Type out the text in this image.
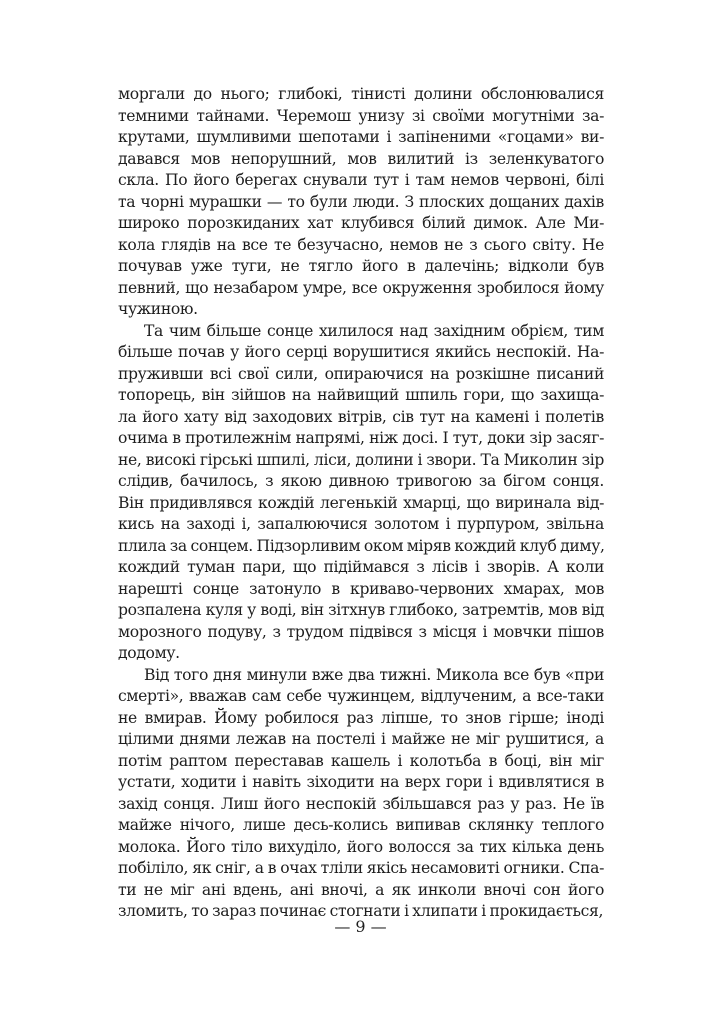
моргали до нього; глибокі, тінисті долини обслонювалися
темними тайнами. Черемош унизу зі своїми могутніми за-
крутами, шумливими шепотами і запіненими «гоцами» ви-
давався мов непорушний, мов вилитий із зеленкуватого
скла. По його берегах снували тут і там немов червоні, білі
та чорні мурашки — то були люди. З плоских дощаних дахів
широко порозкиданих хат клубився білий димок. Але Ми-
кола глядів на все те безучасно, немов не з сього світу. Не
почував уже туги, не тягло його в далечінь; відколи був
певний, що незабаром умре, все окруження зробилося йому
чужиною.
Та чим більше сонце хилилося над західним обрієм, тим
більше почав у його серці ворушитися якийсь неспокій. На-
пруживши всі свої сили, опираючися на розкішне писаний
топорець, він зійшов на найвищий шпиль гори, що захища-
ла його хату від заходових вітрів, сів тут на камені і полетів
очима в протилежнім напрямі, ніж досі. І тут, доки зір засяг-
не, високі гірські шпилі, ліси, долини і звори. Та Миколин зір
слідив, бачилось, з якою дивною тривогою за бігом сонця.
Він придивлявся кождій легенькій хмарці, що виринала від-
кись на заході і, запалюючися золотом і пурпуром, звільна
плила за сонцем. Підзорливим оком міряв кождий клуб диму,
кождий туман пари, що підіймався з лісів і зворів. А коли
нарешті сонце затонуло в криваво-червоних хмарах, мов
розпалена куля у воді, він зітхнув глибоко, затремтів, мов від
морозного подуву, з трудом підвівся з місця і мовчки пішов
додому.
Від того дня минули вже два тижні. Микола все був «при
смерті», вважав сам себе чужинцем, відлученим, а все-таки
не вмирав. Йому робилося раз ліпше, то знов гірше; іноді
цілими днями лежав на постелі і майже не міг рушитися, а
потім раптом переставав кашель і колотьба в боці, він міг
устати, ходити і навіть зіходити на верх гори і вдивлятися в
захід сонця. Лиш його неспокій збільшався раз у раз. Не їв
майже нічого, лише десь-колись випивав склянку теплого
молока. Його тіло вихуділо, його волосся за тих кілька день
побіліло, як сніг, а в очах тліли якісь несамовиті огники. Спа-
ти не міг ані вдень, ані вночі, а як инколи вночі сон його
зломить, то зараз починає стогнати і хлипати і прокидається,
— 9 —
